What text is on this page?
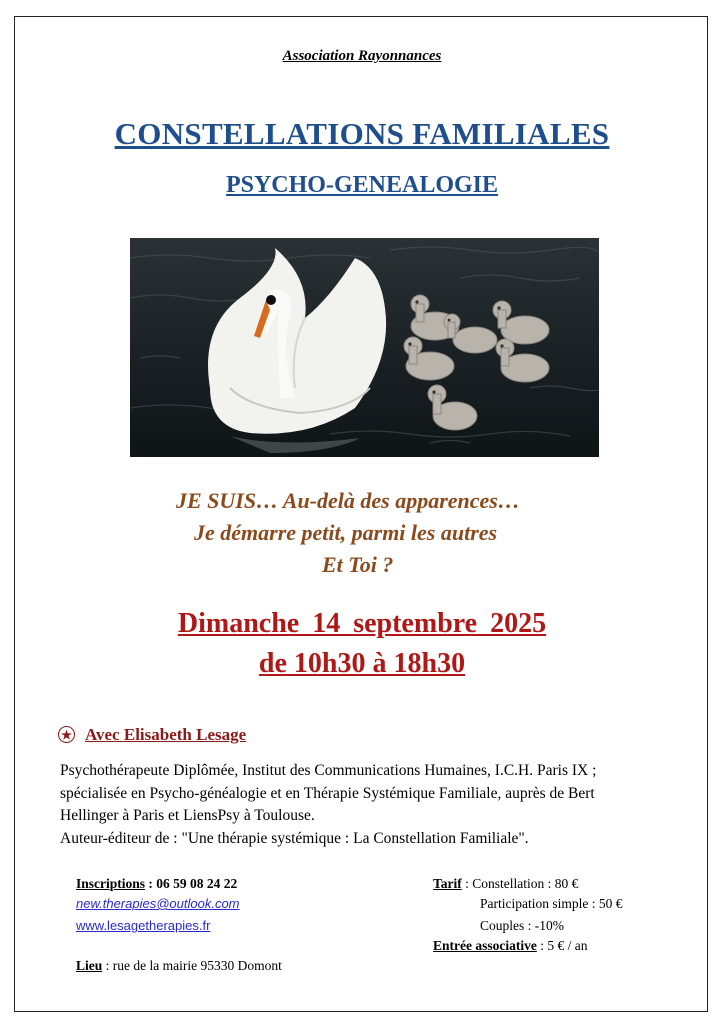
Association Rayonnances
CONSTELLATIONS FAMILIALES
PSYCHO-GENEALOGIE
JE SUIS… Au-delà des apparences…
Je démarre petit, parmi les autres
Et Toi ?
Dimanche 14 septembre 2025
de 10h30 à 18h30
★ Avec Elisabeth Lesage
Psychothérapeute Diplômée, Institut des Communications Humaines, I.C.H. Paris IX ;
spécialisée en Psycho-généalogie et en Thérapie Systémique Familiale, auprès de Bert
Hellinger à Paris et LiensPsy à Toulouse.
Auteur-éditeur de : "Une thérapie systémique : La Constellation Familiale".
Inscriptions : 06 59 08 24 22
new.therapies@outlook.com
www.lesagetherapies.fr
Lieu : rue de la mairie 95330 Domont
Tarif : Constellation : 80 €
Participation simple : 50 €
Couples : -10%
Entrée associative : 5 € / an
